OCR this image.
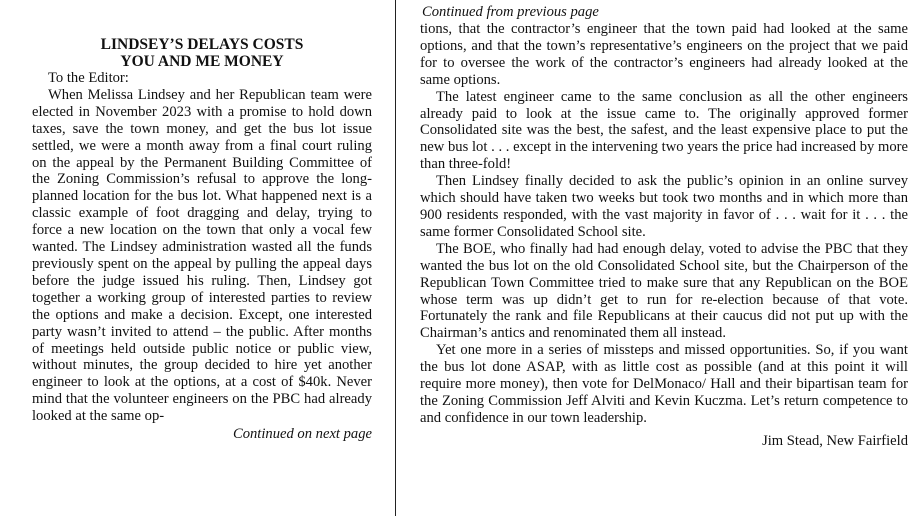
LINDSEY’S DELAYS COSTS
YOU AND ME MONEY

To the Editor:

When Melissa Lindsey and her Republican team were elected in November 2023 with a promise to hold down taxes, save the town money, and get the bus lot issue settled, we were a month away from a final court ruling on the appeal by the Permanent Building Committee of the Zoning Commission’s refusal to approve the long-planned location for the bus lot. What happened next is a classic example of foot dragging and delay, trying to force a new location on the town that only a vocal few wanted. The Lindsey administration wasted all the funds previously spent on the appeal by pulling the appeal days before the judge issued his ruling. Then, Lindsey got together a working group of interested parties to review the options and make a decision. Except, one interested party wasn’t invited to attend – the public. After months of meetings held outside public notice or public view, without minutes, the group decided to hire yet another engineer to look at the options, at a cost of $40k. Never mind that the volunteer engineers on the PBC had already looked at the same op-

Continued on next page
Continued from previous page

tions, that the contractor’s engineer that the town paid had looked at the same options, and that the town’s representative’s engineers on the project that we paid for to oversee the work of the contractor’s engineers had already looked at the same options.

The latest engineer came to the same conclusion as all the other engineers already paid to look at the issue came to. The originally approved former Consolidated site was the best, the safest, and the least expensive place to put the new bus lot . . . except in the intervening two years the price had increased by more than three-fold!

Then Lindsey finally decided to ask the public’s opinion in an online survey which should have taken two weeks but took two months and in which more than 900 residents responded, with the vast majority in favor of . . . wait for it . . . the same former Consolidated School site.

The BOE, who finally had had enough delay, voted to advise the PBC that they wanted the bus lot on the old Consolidated School site, but the Chairperson of the Republican Town Committee tried to make sure that any Republican on the BOE whose term was up didn’t get to run for re-election because of that vote. Fortunately the rank and file Republicans at their caucus did not put up with the Chairman’s antics and renominated them all instead.

Yet one more in a series of missteps and missed opportunities. So, if you want the bus lot done ASAP, with as little cost as possible (and at this point it will require more money), then vote for DelMonaco/ Hall and their bipartisan team for the Zoning Commission Jeff Alviti and Kevin Kuczma. Let’s return competence to and confidence in our town leadership.

Jim Stead, New Fairfield
